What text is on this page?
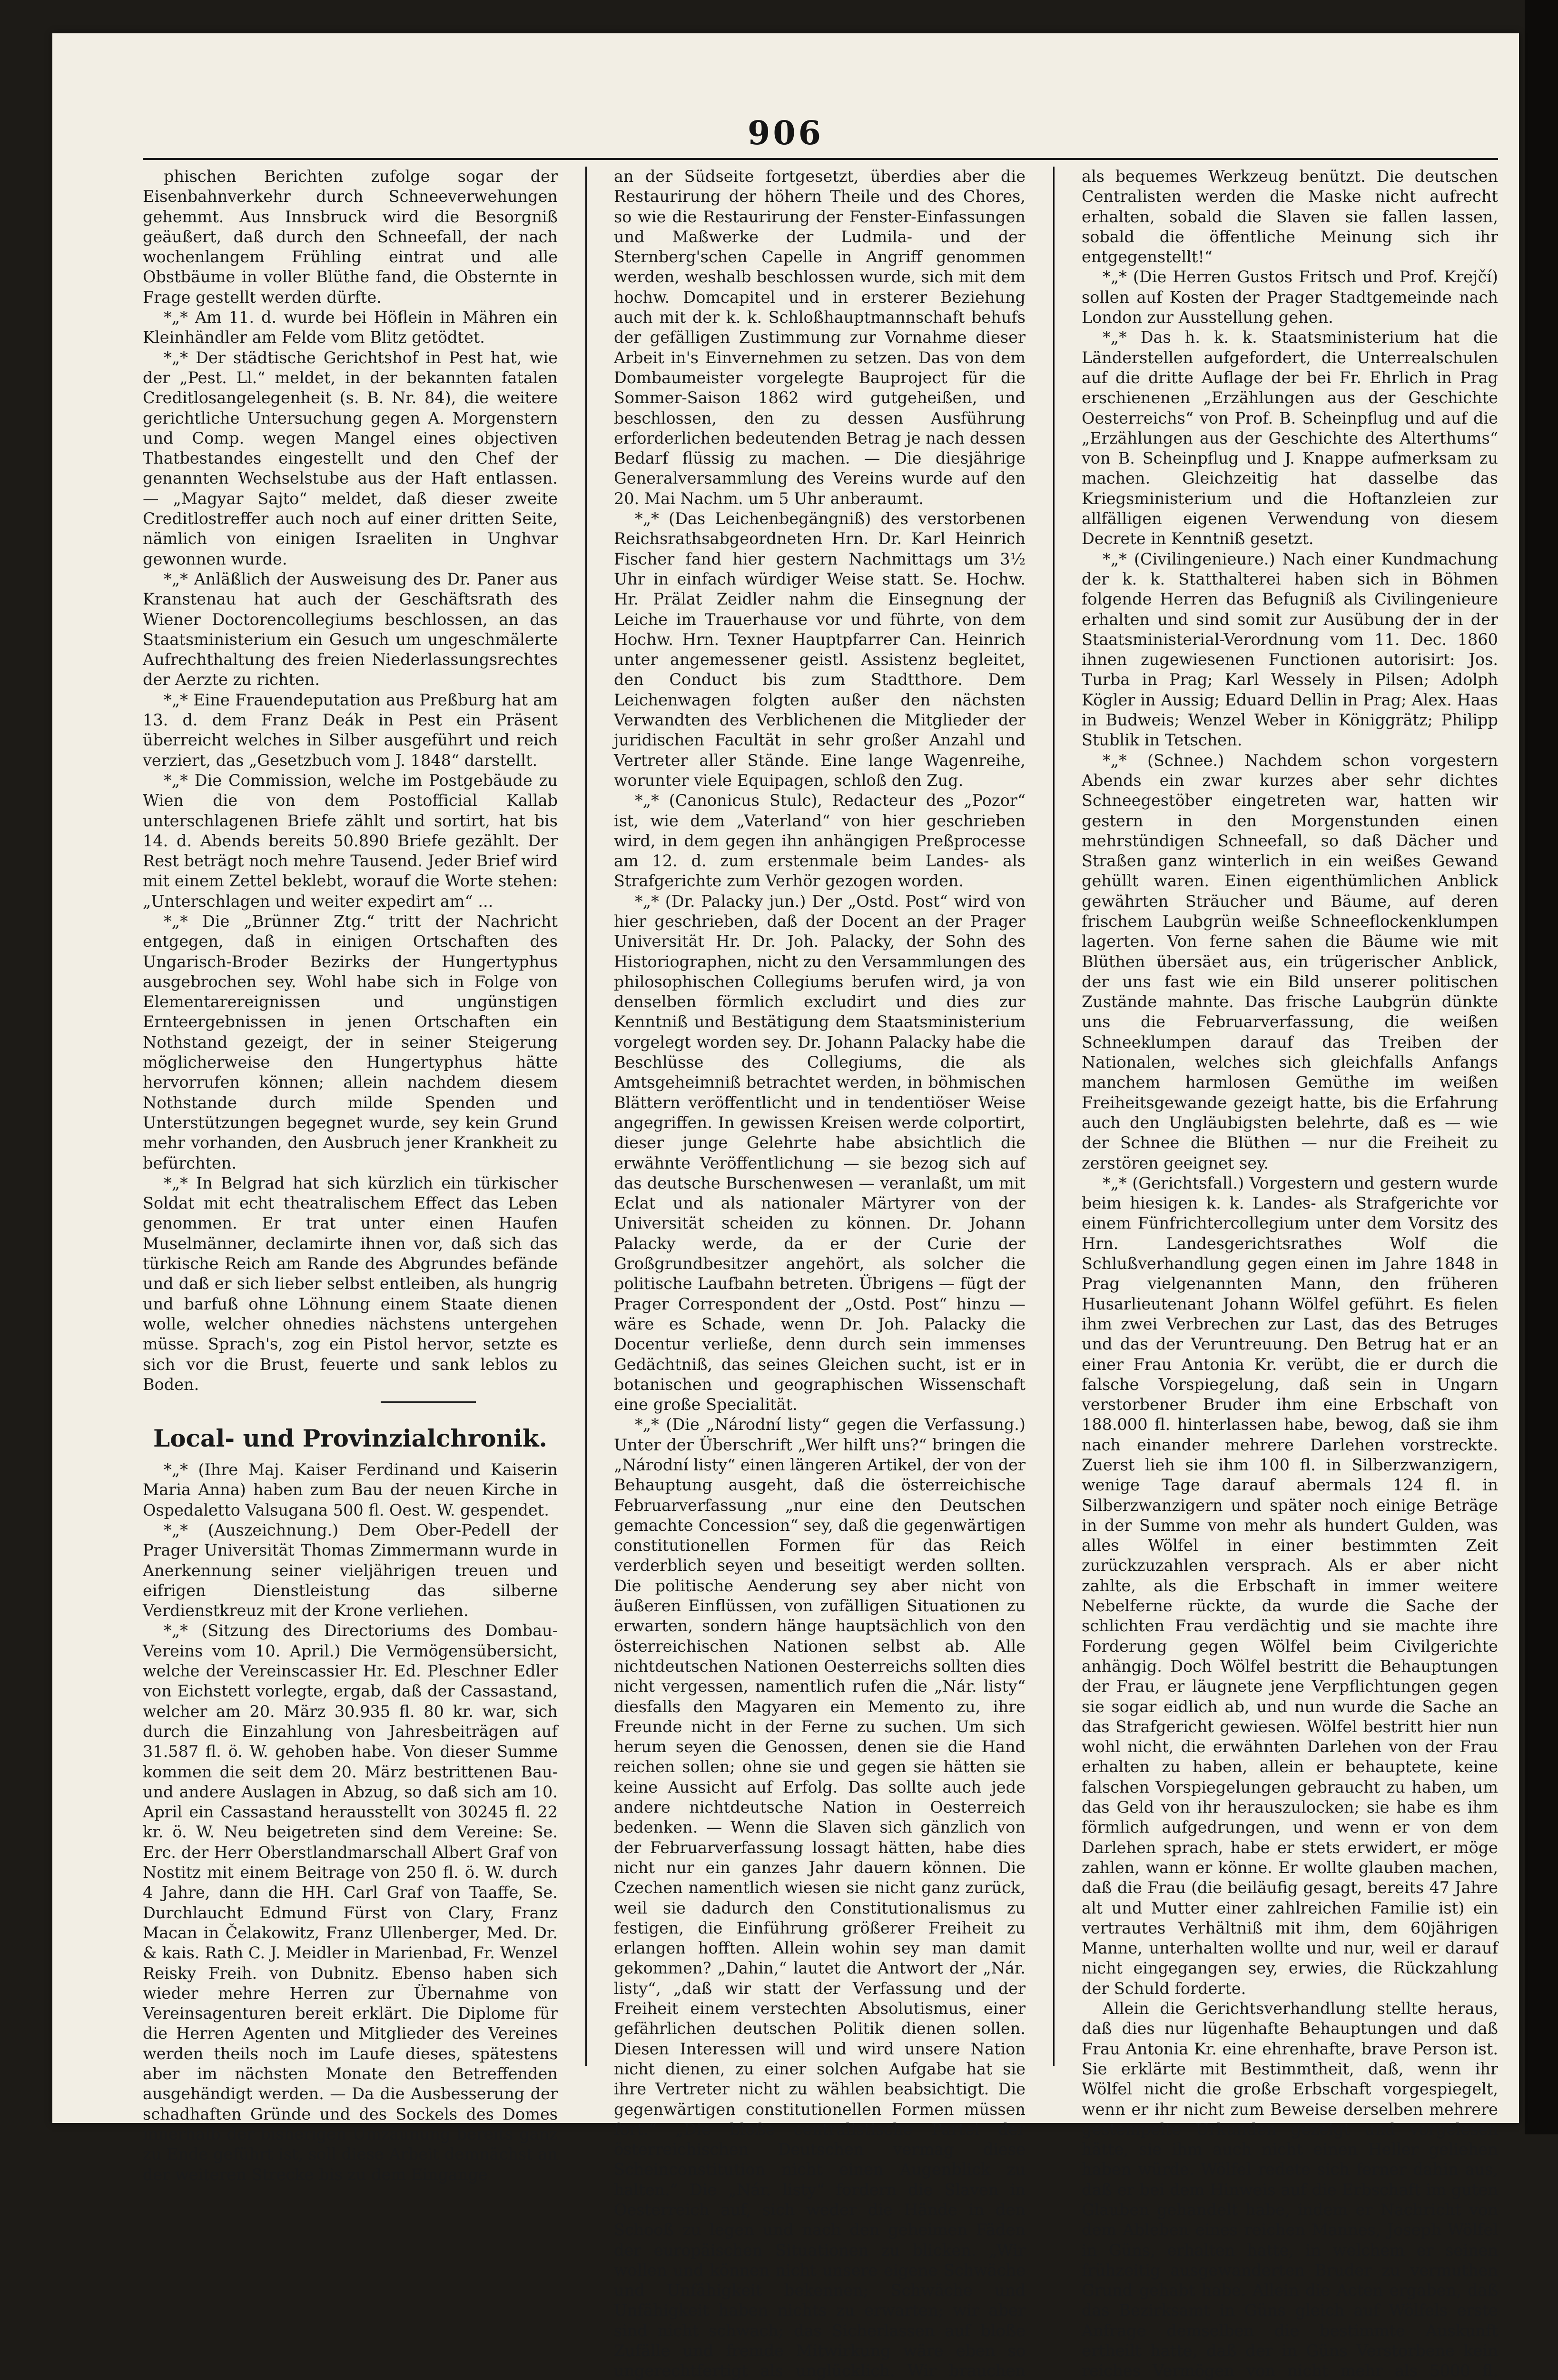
906

phischen Berichten zufolge sogar der Eisenbahnverkehr durch Schneeverwehungen gehemmt. Aus Innsbruck wird die Besorgniß geäußert, daß durch den Schneefall, der nach wochenlangem Frühling eintrat und alle Obstbäume in voller Blüthe fand, die Obsternte in Frage gestellt werden dürfte.

*„* Am 11. d. wurde bei Höflein in Mähren ein Kleinhändler am Felde vom Blitz getödtet.

*„* Der städtische Gerichtshof in Pest hat, wie der „Pest. Ll.“ meldet, in der bekannten fatalen Creditlosangelegenheit (s. B. Nr. 84), die weitere gerichtliche Untersuchung gegen A. Morgenstern und Comp. wegen Mangel eines objectiven Thatbestandes eingestellt und den Chef der genannten Wechselstube aus der Haft entlassen. — „Magyar Sajto“ meldet, daß dieser zweite Creditlostreffer auch noch auf einer dritten Seite, nämlich von einigen Israeliten in Unghvar gewonnen wurde.

*„* Anläßlich der Ausweisung des Dr. Paner aus Kranstenau hat auch der Geschäftsrath des Wiener Doctorencollegiums beschlossen, an das Staatsministerium ein Gesuch um ungeschmälerte Aufrechthaltung des freien Niederlassungsrechtes der Aerzte zu richten.

*„* Eine Frauendeputation aus Preßburg hat am 13. d. dem Franz Deák in Pest ein Präsent überreicht welches in Silber ausgeführt und reich verziert, das „Gesetzbuch vom J. 1848“ darstellt.

*„* Die Commission, welche im Postgebäude zu Wien die von dem Postofficial Kallab unterschlagenen Briefe zählt und sortirt, hat bis 14. d. Abends bereits 50.890 Briefe gezählt. Der Rest beträgt noch mehre Tausend. Jeder Brief wird mit einem Zettel beklebt, worauf die Worte stehen: „Unterschlagen und weiter expedirt am“ ...

*„* Die „Brünner Ztg.“ tritt der Nachricht entgegen, daß in einigen Ortschaften des Ungarisch-Broder Bezirks der Hungertyphus ausgebrochen sey. Wohl habe sich in Folge von Elementarereignissen und ungünstigen Ernteergebnissen in jenen Ortschaften ein Nothstand gezeigt, der in seiner Steigerung möglicherweise den Hungertyphus hätte hervorrufen können; allein nachdem diesem Nothstande durch milde Spenden und Unterstützungen begegnet wurde, sey kein Grund mehr vorhanden, den Ausbruch jener Krankheit zu befürchten.

*„* In Belgrad hat sich kürzlich ein türkischer Soldat mit echt theatralischem Effect das Leben genommen. Er trat unter einen Haufen Muselmänner, declamirte ihnen vor, daß sich das türkische Reich am Rande des Abgrundes befände und daß er sich lieber selbst entleiben, als hungrig und barfuß ohne Löhnung einem Staate dienen wolle, welcher ohnedies nächstens untergehen müsse. Sprach's, zog ein Pistol hervor, setzte es sich vor die Brust, feuerte und sank leblos zu Boden.

Local- und Provinzialchronik.

*„* (Ihre Maj. Kaiser Ferdinand und Kaiserin Maria Anna) haben zum Bau der neuen Kirche in Ospedaletto Valsugana 500 fl. Oest. W. gespendet.

*„* (Auszeichnung.) Dem Ober-Pedell der Prager Universität Thomas Zimmermann wurde in Anerkennung seiner vieljährigen treuen und eifrigen Dienstleistung das silberne Verdienstkreuz mit der Krone verliehen.

*„* (Sitzung des Directoriums des Dombau-Vereins vom 10. April.) Die Vermögensübersicht, welche der Vereinscassier Hr. Ed. Pleschner Edler von Eichstett vorlegte, ergab, daß der Cassastand, welcher am 20. März 30.935 fl. 80 kr. war, sich durch die Einzahlung von Jahresbeiträgen auf 31.587 fl. ö. W. gehoben habe. Von dieser Summe kommen die seit dem 20. März bestrittenen Bau- und andere Auslagen in Abzug, so daß sich am 10. April ein Cassastand herausstellt von 30245 fl. 22 kr. ö. W. Neu beigetreten sind dem Vereine: Se. Erc. der Herr Oberstlandmarschall Albert Graf von Nostitz mit einem Beitrage von 250 fl. ö. W. durch 4 Jahre, dann die HH. Carl Graf von Taaffe, Se. Durchlaucht Edmund Fürst von Clary, Franz Macan in Čelakowitz, Franz Ullenberger, Med. Dr. & kais. Rath C. J. Meidler in Marienbad, Fr. Wenzel Reisky Freih. von Dubnitz. Ebenso haben sich wieder mehre Herren zur Übernahme von Vereinsagenturen bereit erklärt. Die Diplome für die Herren Agenten und Mitglieder des Vereines werden theils noch im Laufe dieses, spätestens aber im nächsten Monate den Betreffenden ausgehändigt werden. — Da die Ausbesserung der schadhaften Gründe und des Sockels des Domes innerhalb der bisherigen Umzäunung bereits ganz zu Ende geführt ist, soll diese Arbeit demnächst an der weiteren Strecke bis zu dem Eingange

an der Südseite fortgesetzt, überdies aber die Restaurirung der höhern Theile und des Chores, so wie die Restaurirung der Fenster-Einfassungen und Maßwerke der Ludmila- und der Sternberg'schen Capelle in Angriff genommen werden, weshalb beschlossen wurde, sich mit dem hochw. Domcapitel und in ersterer Beziehung auch mit der k. k. Schloßhauptmannschaft behufs der gefälligen Zustimmung zur Vornahme dieser Arbeit in's Einvernehmen zu setzen. Das von dem Dombaumeister vorgelegte Bauproject für die Sommer-Saison 1862 wird gutgeheißen, und beschlossen, den zu dessen Ausführung erforderlichen bedeutenden Betrag je nach dessen Bedarf flüssig zu machen. — Die diesjährige Generalversammlung des Vereins wurde auf den 20. Mai Nachm. um 5 Uhr anberaumt.

*„* (Das Leichenbegängniß) des verstorbenen Reichsrathsabgeordneten Hrn. Dr. Karl Heinrich Fischer fand hier gestern Nachmittags um 3½ Uhr in einfach würdiger Weise statt. Se. Hochw. Hr. Prälat Zeidler nahm die Einsegnung der Leiche im Trauerhause vor und führte, von dem Hochw. Hrn. Texner Hauptpfarrer Can. Heinrich unter angemessener geistl. Assistenz begleitet, den Conduct bis zum Stadtthore. Dem Leichenwagen folgten außer den nächsten Verwandten des Verblichenen die Mitglieder der juridischen Facultät in sehr großer Anzahl und Vertreter aller Stände. Eine lange Wagenreihe, worunter viele Equipagen, schloß den Zug.

*„* (Canonicus Stulc), Redacteur des „Pozor“ ist, wie dem „Vaterland“ von hier geschrieben wird, in dem gegen ihn anhängigen Preßprocesse am 12. d. zum erstenmale beim Landes- als Strafgerichte zum Verhör gezogen worden.

*„* (Dr. Palacky jun.) Der „Ostd. Post“ wird von hier geschrieben, daß der Docent an der Prager Universität Hr. Dr. Joh. Palacky, der Sohn des Historiographen, nicht zu den Versammlungen des philosophischen Collegiums berufen wird, ja von denselben förmlich excludirt und dies zur Kenntniß und Bestätigung dem Staatsministerium vorgelegt worden sey. Dr. Johann Palacky habe die Beschlüsse des Collegiums, die als Amtsgeheimniß betrachtet werden, in böhmischen Blättern veröffentlicht und in tendentiöser Weise angegriffen. In gewissen Kreisen werde colportirt, dieser junge Gelehrte habe absichtlich die erwähnte Veröffentlichung — sie bezog sich auf das deutsche Burschenwesen — veranlaßt, um mit Eclat und als nationaler Märtyrer von der Universität scheiden zu können. Dr. Johann Palacky werde, da er der Curie der Großgrundbesitzer angehört, als solcher die politische Laufbahn betreten. Übrigens — fügt der Prager Correspondent der „Ostd. Post“ hinzu — wäre es Schade, wenn Dr. Joh. Palacky die Docentur verließe, denn durch sein immenses Gedächtniß, das seines Gleichen sucht, ist er in botanischen und geographischen Wissenschaft eine große Specialität.

*„* (Die „Národní listy“ gegen die Verfassung.) Unter der Überschrift „Wer hilft uns?“ bringen die „Národní listy“ einen längeren Artikel, der von der Behauptung ausgeht, daß die österreichische Februarverfassung „nur eine den Deutschen gemachte Concession“ sey, daß die gegenwärtigen constitutionellen Formen für das Reich verderblich seyen und beseitigt werden sollten. Die politische Aenderung sey aber nicht von äußeren Einflüssen, von zufälligen Situationen zu erwarten, sondern hänge hauptsächlich von den österreichischen Nationen selbst ab. Alle nichtdeutschen Nationen Oesterreichs sollten dies nicht vergessen, namentlich rufen die „Nár. listy“ diesfalls den Magyaren ein Memento zu, ihre Freunde nicht in der Ferne zu suchen. Um sich herum seyen die Genossen, denen sie die Hand reichen sollen; ohne sie und gegen sie hätten sie keine Aussicht auf Erfolg. Das sollte auch jede andere nichtdeutsche Nation in Oesterreich bedenken. — Wenn die Slaven sich gänzlich von der Februarverfassung lossagt hätten, habe dies nicht nur ein ganzes Jahr dauern können. Die Czechen namentlich wiesen sie nicht ganz zurück, weil sie dadurch den Constitutionalismus zu festigen, die Einführung größerer Freiheit zu erlangen hofften. Allein wohin sey man damit gekommen? „Dahin,“ lautet die Antwort der „Nár. listy“, „daß wir statt der Verfassung und der Freiheit einem verstechten Absolutismus, einer gefährlichen deutschen Politik dienen sollen. Diesen Interessen will und wird unsere Nation nicht dienen, zu einer solchen Aufgabe hat sie ihre Vertreter nicht zu wählen beabsichtigt. Die gegenwärtigen constitutionellen Formen müssen fort.“ „Die bloße centralistische Partei der österreichischen Deutschen vermag diese Scheinconstitution nicht einen Augenblick zu halten.“ Die „Nár. listy“ fordern die Slaven in Oesterreich auf, sich weder die Hände in den Schooß zu legen und nach den geheimen Fäden der europäischen Situationen zu blicken. „Wir wollen und können nicht unsere eigene Schwäche und Unfähigkeit bekennen; Schwäche und Unfähigkeit haben nichts zu erwarten; wir aber sind nicht schwach; das Sicherlassen auf bloße Zufälle und fremde Mitwirkung wäre eben so ungerechtfertigt als unglücklich. Wir brauchen

als bequemes Werkzeug benützt. Die deutschen Centralisten werden die Maske nicht aufrecht erhalten, sobald die Slaven sie fallen lassen, sobald die öffentliche Meinung sich ihr entgegenstellt!“

*„* (Die Herren Gustos Fritsch und Prof. Krejčí) sollen auf Kosten der Prager Stadtgemeinde nach London zur Ausstellung gehen.

*„* Das h. k. k. Staatsministerium hat die Länderstellen aufgefordert, die Unterrealschulen auf die dritte Auflage der bei Fr. Ehrlich in Prag erschienenen „Erzählungen aus der Geschichte Oesterreichs“ von Prof. B. Scheinpflug und auf die „Erzählungen aus der Geschichte des Alterthums“ von B. Scheinpflug und J. Knappe aufmerksam zu machen. Gleichzeitig hat dasselbe das Kriegsministerium und die Hoftanzleien zur allfälligen eigenen Verwendung von diesem Decrete in Kenntniß gesetzt.

*„* (Civilingenieure.) Nach einer Kundmachung der k. k. Statthalterei haben sich in Böhmen folgende Herren das Befugniß als Civilingenieure erhalten und sind somit zur Ausübung der in der Staatsministerial-Verordnung vom 11. Dec. 1860 ihnen zugewiesenen Functionen autorisirt: Jos. Turba in Prag; Karl Wessely in Pilsen; Adolph Kögler in Aussig; Eduard Dellin in Prag; Alex. Haas in Budweis; Wenzel Weber in Königgrätz; Philipp Stublik in Tetschen.

*„* (Schnee.) Nachdem schon vorgestern Abends ein zwar kurzes aber sehr dichtes Schneegestöber eingetreten war, hatten wir gestern in den Morgenstunden einen mehrstündigen Schneefall, so daß Dächer und Straßen ganz winterlich in ein weißes Gewand gehüllt waren. Einen eigenthümlichen Anblick gewährten Sträucher und Bäume, auf deren frischem Laubgrün weiße Schneeflockenklumpen lagerten. Von ferne sahen die Bäume wie mit Blüthen übersäet aus, ein trügerischer Anblick, der uns fast wie ein Bild unserer politischen Zustände mahnte. Das frische Laubgrün dünkte uns die Februarverfassung, die weißen Schneeklumpen darauf das Treiben der Nationalen, welches sich gleichfalls Anfangs manchem harmlosen Gemüthe im weißen Freiheitsgewande gezeigt hatte, bis die Erfahrung auch den Ungläubigsten belehrte, daß es — wie der Schnee die Blüthen — nur die Freiheit zu zerstören geeignet sey.

*„* (Gerichtsfall.) Vorgestern und gestern wurde beim hiesigen k. k. Landes- als Strafgerichte vor einem Fünfrichtercollegium unter dem Vorsitz des Hrn. Landesgerichtsrathes Wolf die Schlußverhandlung gegen einen im Jahre 1848 in Prag vielgenannten Mann, den früheren Husarlieutenant Johann Wölfel geführt. Es fielen ihm zwei Verbrechen zur Last, das des Betruges und das der Veruntreuung. Den Betrug hat er an einer Frau Antonia Kr. verübt, die er durch die falsche Vorspiegelung, daß sein in Ungarn verstorbener Bruder ihm eine Erbschaft von 188.000 fl. hinterlassen habe, bewog, daß sie ihm nach einander mehrere Darlehen vorstreckte. Zuerst lieh sie ihm 100 fl. in Silberzwanzigern, wenige Tage darauf abermals 124 fl. in Silberzwanzigern und später noch einige Beträge in der Summe von mehr als hundert Gulden, was alles Wölfel in einer bestimmten Zeit zurückzuzahlen versprach. Als er aber nicht zahlte, als die Erbschaft in immer weitere Nebelferne rückte, da wurde die Sache der schlichten Frau verdächtig und sie machte ihre Forderung gegen Wölfel beim Civilgerichte anhängig. Doch Wölfel bestritt die Behauptungen der Frau, er läugnete jene Verpflichtungen gegen sie sogar eidlich ab, und nun wurde die Sache an das Strafgericht gewiesen. Wölfel bestritt hier nun wohl nicht, die erwähnten Darlehen von der Frau erhalten zu haben, allein er behauptete, keine falschen Vorspiegelungen gebraucht zu haben, um das Geld von ihr herauszulocken; sie habe es ihm förmlich aufgedrungen, und wenn er von dem Darlehen sprach, habe er stets erwidert, er möge zahlen, wann er könne. Er wollte glauben machen, daß die Frau (die beiläufig gesagt, bereits 47 Jahre alt und Mutter einer zahlreichen Familie ist) ein vertrautes Verhältniß mit ihm, dem 60jährigen Manne, unterhalten wollte und nur, weil er darauf nicht eingegangen sey, erwies, die Rückzahlung der Schuld forderte.

Allein die Gerichtsverhandlung stellte heraus, daß dies nur lügenhafte Behauptungen und daß Frau Antonia Kr. eine ehrenhafte, brave Person ist. Sie erklärte mit Bestimmtheit, daß, wenn ihr Wölfel nicht die große Erbschaft vorgespiegelt, wenn er ihr nicht zum Beweise derselben mehrere gestempelte Urkunden gezeigt und vorgelesen hätte, sie ihm auch nicht einen Heller geliehen haben würde. Wölfel redete sich ferner dahin aus, daß er bei dem Hinweis auf die Erbschaft im guten Glauben gehandelt habe, indem er Nachricht von dem Ableben eines reichen Mannes, Joseph Wölfel in Güns, erhalten hatte, in welchem er seinen frühzeitig ausgewanderten Bruder zu vermuthen Grund gehabt habe. Allein die Acten ergaben, daß das Bezirksamt in Güns gleich auf Wölfels erste Anfrage demselben die bestimmte Auskunft ertheilt hatte, daß der in Güns Verstorbene kein reiches Vermögen von nicht mehr als 5000 fl.
